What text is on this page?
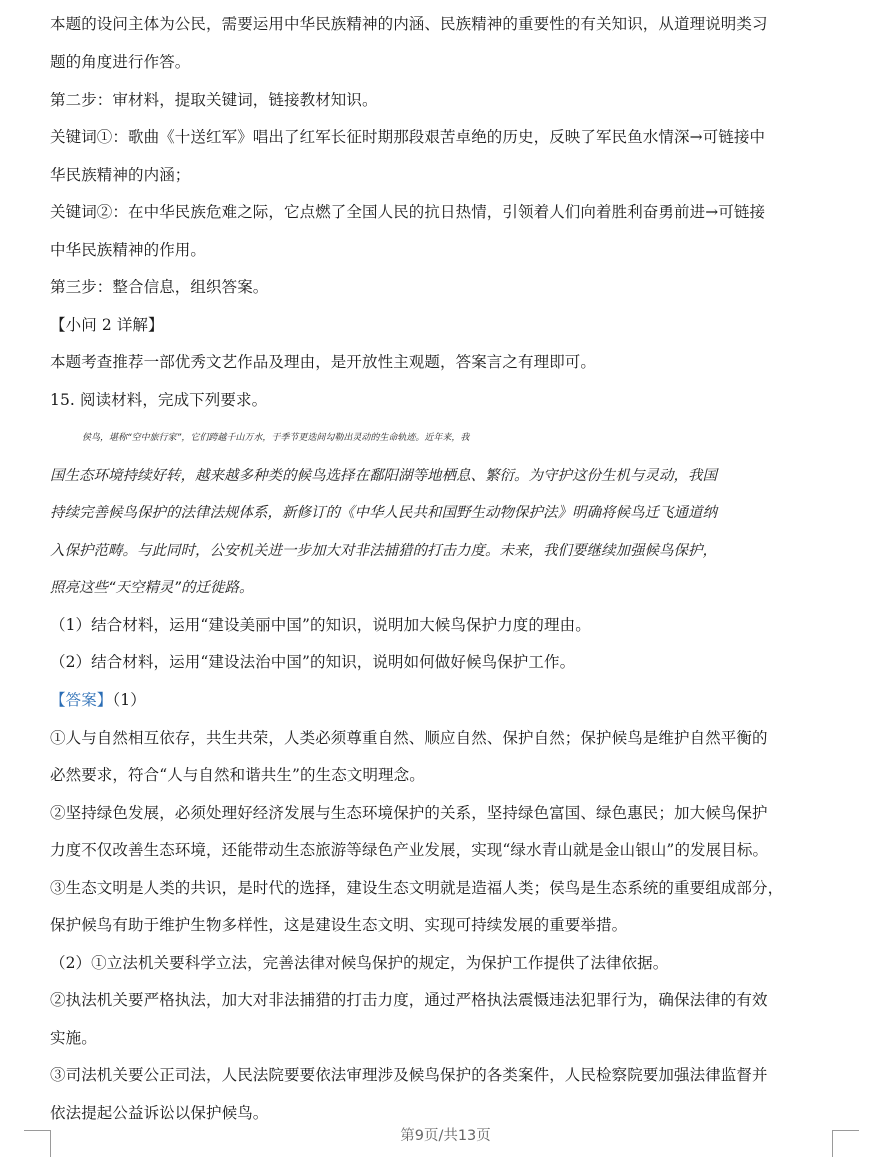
本题的设问主体为公民，需要运用中华民族精神的内涵、民族精神的重要性的有关知识，从道理说明类习
题的角度进行作答。
第二步：审材料，提取关键词，链接教材知识。
关键词①：歌曲《十送红军》唱出了红军长征时期那段艰苦卓绝的历史，反映了军民鱼水情深→可链接中
华民族精神的内涵；
关键词②：在中华民族危难之际，它点燃了全国人民的抗日热情，引领着人们向着胜利奋勇前进→可链接
中华民族精神的作用。
第三步：整合信息，组织答案。
【小问 2 详解】
本题考查推荐一部优秀文艺作品及理由，是开放性主观题，答案言之有理即可。
15. 阅读材料，完成下列要求。
侯鸟，堪称“空中旅行家”，它们跨越千山万水，于季节更迭间勾勒出灵动的生命轨迹。近年来，我
国生态环境持续好转，越来越多种类的候鸟选择在鄱阳湖等地栖息、繁衍。为守护这份生机与灵动，我国
持续完善候鸟保护的法律法规体系，新修订的《中华人民共和国野生动物保护法》明确将候鸟迁飞通道纳
入保护范畴。与此同时，公安机关进一步加大对非法捕猎的打击力度。未来，我们要继续加强候鸟保护，
照亮这些“天空精灵”的迁徙路。
（1）结合材料，运用“建设美丽中国”的知识，说明加大候鸟保护力度的理由。
（2）结合材料，运用“建设法治中国”的知识，说明如何做好候鸟保护工作。
【答案】（1）
①人与自然相互依存，共生共荣，人类必须尊重自然、顺应自然、保护自然；保护候鸟是维护自然平衡的
必然要求，符合“人与自然和谐共生”的生态文明理念。
②坚持绿色发展，必须处理好经济发展与生态环境保护的关系，坚持绿色富国、绿色惠民；加大候鸟保护
力度不仅改善生态环境，还能带动生态旅游等绿色产业发展，实现“绿水青山就是金山银山”的发展目标。
③生态文明是人类的共识，是时代的选择，建设生态文明就是造福人类；侯鸟是生态系统的重要组成部分，
保护候鸟有助于维护生物多样性，这是建设生态文明、实现可持续发展的重要举措。
（2）①立法机关要科学立法，完善法律对候鸟保护的规定，为保护工作提供了法律依据。
②执法机关要严格执法，加大对非法捕猎的打击力度，通过严格执法震慑违法犯罪行为，确保法律的有效
实施。
③司法机关要公正司法，人民法院要要依法审理涉及候鸟保护的各类案件，人民检察院要加强法律监督并
依法提起公益诉讼以保护候鸟。
第9页/共13页
